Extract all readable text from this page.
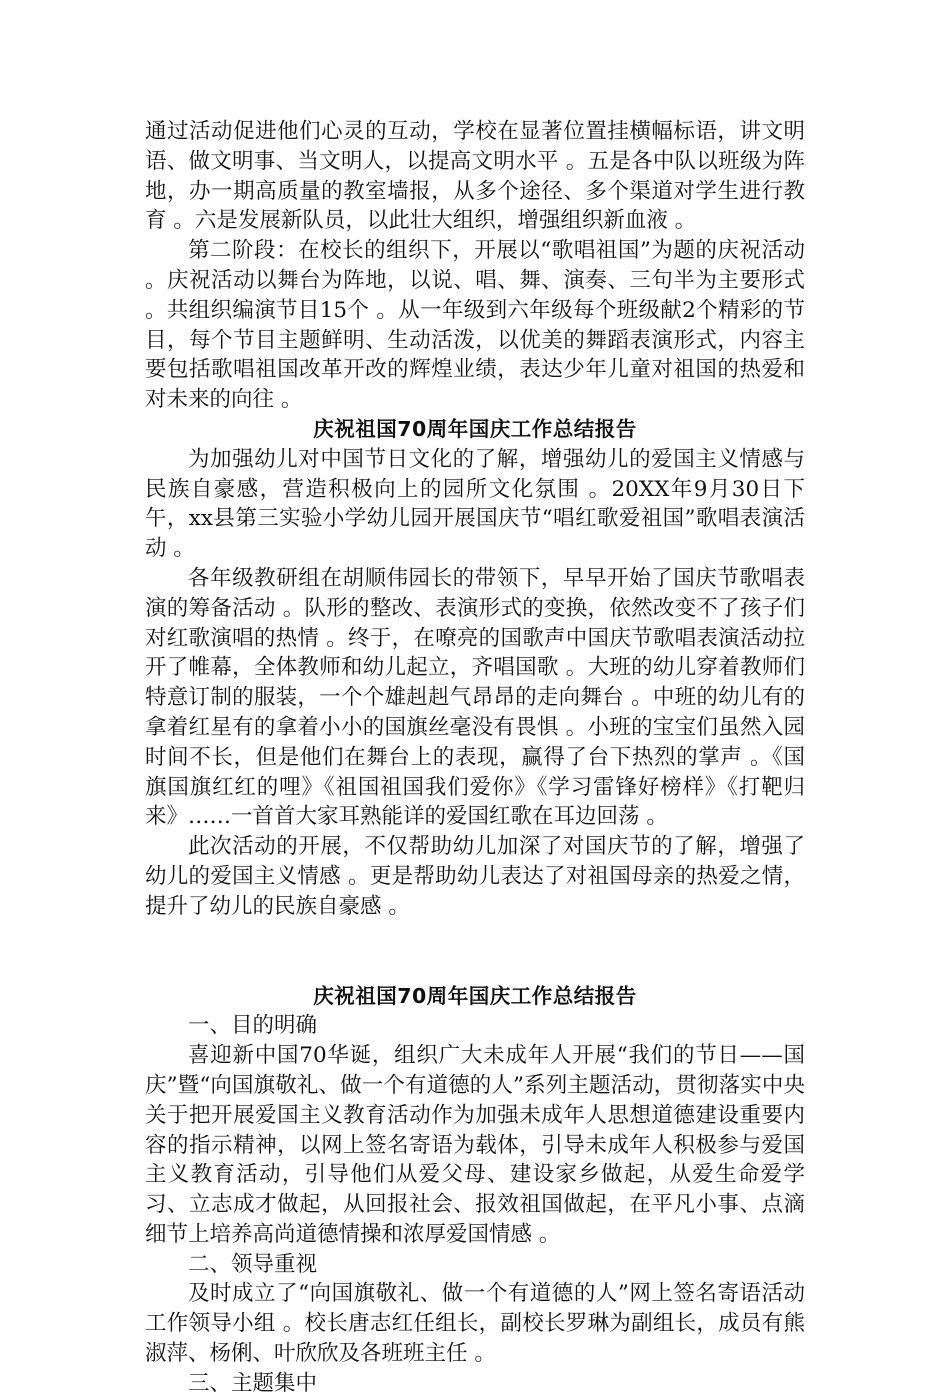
通过活动促进他们心灵的互动，学校在显著位置挂横幅标语，讲文明语、做文明事、当文明人，以提高文明水平 。五是各中队以班级为阵地，办一期高质量的教室墙报，从多个途径、多个渠道对学生进行教育 。六是发展新队员，以此壮大组织，增强组织新血液 。

第二阶段：在校长的组织下，开展以“歌唱祖国”为题的庆祝活动 。庆祝活动以舞台为阵地，以说、唱、舞、演奏、三句半为主要形式 。共组织编演节目15个 。从一年级到六年级每个班级献2个精彩的节目，每个节目主题鲜明、生动活泼，以优美的舞蹈表演形式，内容主要包括歌唱祖国改革开改的辉煌业绩，表达少年儿童对祖国的热爱和对未来的向往 。

庆祝祖国70周年国庆工作总结报告

为加强幼儿对中国节日文化的了解，增强幼儿的爱国主义情感与民族自豪感，营造积极向上的园所文化氛围 。20XX年9月30日下午，xx县第三实验小学幼儿园开展国庆节“唱红歌爱祖国”歌唱表演活动 。

各年级教研组在胡顺伟园长的带领下，早早开始了国庆节歌唱表演的筹备活动 。队形的整改、表演形式的变换，依然改变不了孩子们对红歌演唱的热情 。终于，在嘹亮的国歌声中国庆节歌唱表演活动拉开了帷幕，全体教师和幼儿起立，齐唱国歌 。大班的幼儿穿着教师们特意订制的服装，一个个雄赳赳气昂昂的走向舞台 。中班的幼儿有的拿着红星有的拿着小小的国旗丝毫没有畏惧 。小班的宝宝们虽然入园时间不长，但是他们在舞台上的表现，赢得了台下热烈的掌声 。《国旗国旗红红的哩》《祖国祖国我们爱你》《学习雷锋好榜样》《打靶归来》……一首首大家耳熟能详的爱国红歌在耳边回荡 。

此次活动的开展，不仅帮助幼儿加深了对国庆节的了解，增强了幼儿的爱国主义情感 。更是帮助幼儿表达了对祖国母亲的热爱之情，提升了幼儿的民族自豪感 。

庆祝祖国70周年国庆工作总结报告

一、目的明确

喜迎新中国70华诞，组织广大未成年人开展“我们的节日——国庆”暨“向国旗敬礼、做一个有道德的人”系列主题活动，贯彻落实中央关于把开展爱国主义教育活动作为加强未成年人思想道德建设重要内容的指示精神，以网上签名寄语为载体，引导未成年人积极参与爱国主义教育活动，引导他们从爱父母、建设家乡做起，从爱生命爱学习、立志成才做起，从回报社会、报效祖国做起，在平凡小事、点滴细节上培养高尚道德情操和浓厚爱国情感 。

二、领导重视

及时成立了“向国旗敬礼、做一个有道德的人”网上签名寄语活动工作领导小组 。校长唐志红任组长，副校长罗琳为副组长，成员有熊淑萍、杨俐、叶欣欣及各班班主任 。

三、主题集中
